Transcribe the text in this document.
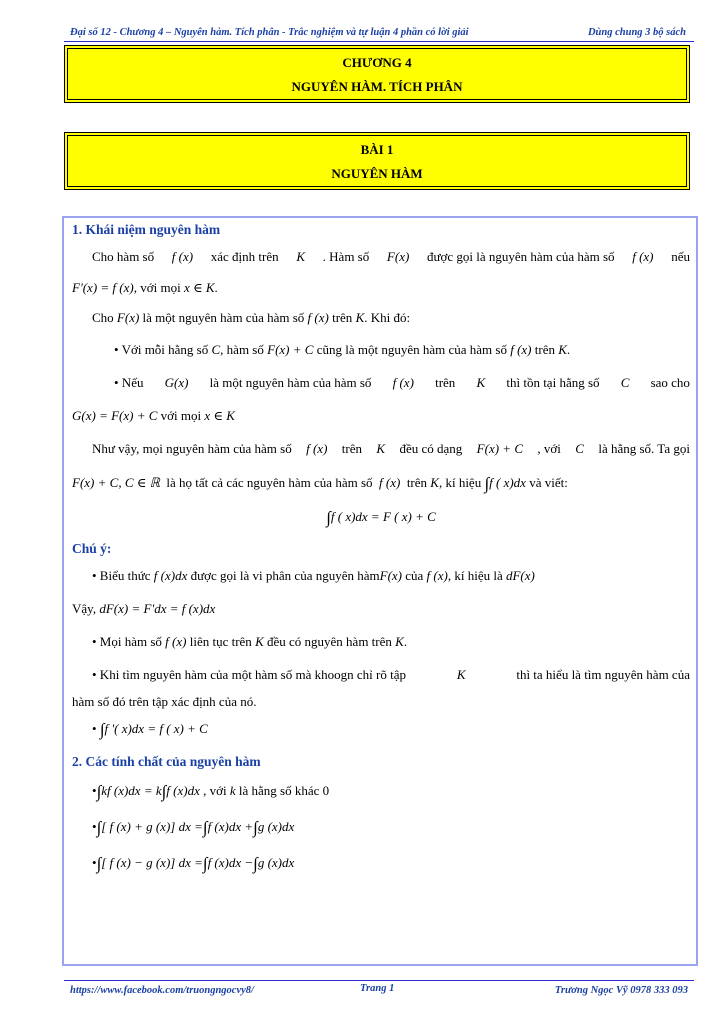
Đại số 12 - Chương 4 – Nguyên hàm. Tích phân - Trắc nghiệm và tự luận 4 phần có lời giải	Dùng chung 3 bộ sách
CHƯƠNG 4
NGUYÊN HÀM. TÍCH PHÂN
BÀI 1
NGUYÊN HÀM
1. Khái niệm nguyên hàm
Cho hàm số f (x) xác định trên K . Hàm số F(x) được gọi là nguyên hàm của hàm số f (x) nếu
F'(x) = f (x), với mọi x ∈ K.
Cho F(x) là một nguyên hàm của hàm số f (x) trên K. Khi đó:
• Với mỗi hằng số C, hàm số F(x) + C cũng là một nguyên hàm của hàm số f (x) trên K.
• Nếu G(x) là một nguyên hàm của hàm số f (x) trên K thì tồn tại hằng số C sao cho
G(x) = F(x) + C với mọi x ∈ K
Như vậy, mọi nguyên hàm của hàm số f (x) trên K đều có dạng F(x) + C , với C là hằng số. Ta gọi
F(x) + C, C ∈ ℝ là họ tất cả các nguyên hàm của hàm số f (x) trên K, kí hiệu ∫f ( x)dx và viết:
∫f ( x)dx = F ( x) + C
Chú ý:
• Biểu thức f (x)dx được gọi là vi phân của nguyên hàmF(x) của f (x), kí hiệu là dF(x)
Vậy, dF(x) = F'dx = f (x)dx
• Mọi hàm số f (x) liên tục trên K đều có nguyên hàm trên K.
• Khi tìm nguyên hàm của một hàm số mà khoogn chỉ rõ tập	K	thì ta hiểu là tìm nguyên hàm của
hàm số đó trên tập xác định của nó.
• ∫f '( x)dx = f ( x) + C
2. Các tính chất của nguyên hàm
•∫kf (x)dx = k∫f (x)dx , với k là hằng số khác 0
•∫[ f (x) + g (x)] dx =∫f (x)dx +∫g (x)dx
•∫[ f (x) − g (x)] dx =∫f (x)dx −∫g (x)dx
https://www.facebook.com/truongngocvy8/	Trang 1	Trương Ngọc Vỹ 0978 333 093
